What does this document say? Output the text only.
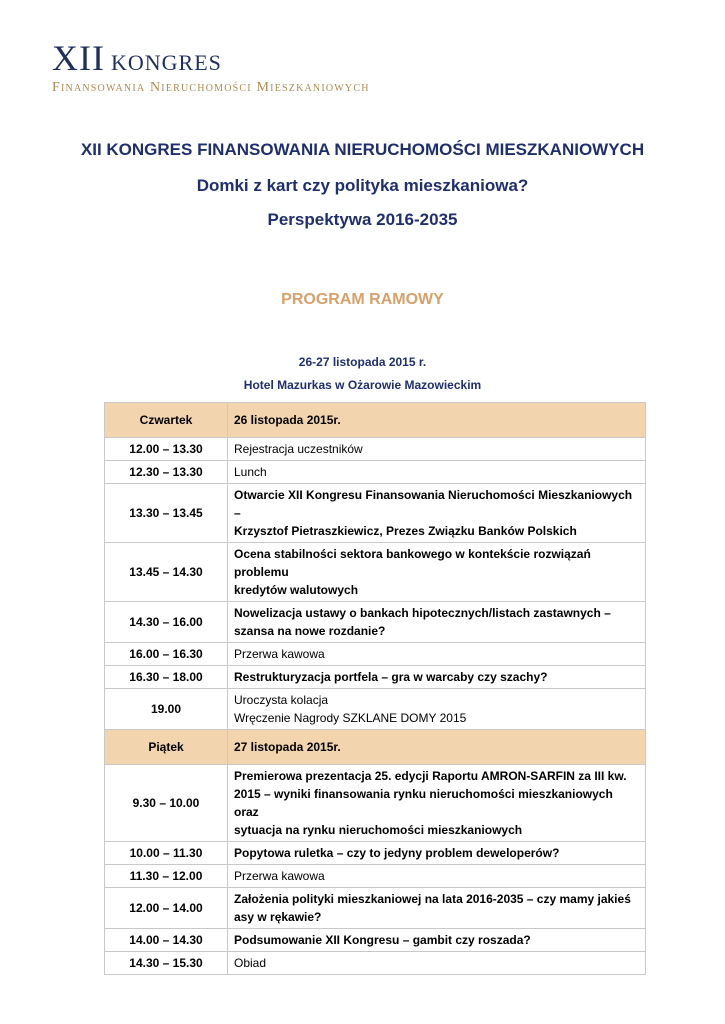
XII KONGRES
Finansowania Nieruchomości Mieszkaniowych
XII KONGRES FINANSOWANIA NIERUCHOMOŚCI MIESZKANIOWYCH
Domki z kart czy polityka mieszkaniowa?
Perspektywa 2016-2035
PROGRAM RAMOWY
26-27 listopada 2015 r.
Hotel Mazurkas w Ożarowie Mazowieckim
Czwartek	26 listopada 2015r.
12.00 – 13.30	Rejestracja uczestników

12.30 – 13.30	Lunch

13.30 – 13.45	Otwarcie XII Kongresu Finansowania Nieruchomości Mieszkaniowych –
Krzysztof Pietraszkiewicz, Prezes Związku Banków Polskich

13.45 – 14.30	Ocena stabilności sektora bankowego w kontekście rozwiązań problemu
kredytów walutowych

14.30 – 16.00	Nowelizacja ustawy o bankach hipotecznych/listach zastawnych –
szansa na nowe rozdanie?

16.00 – 16.30	Przerwa kawowa

16.30 – 18.00	Restrukturyzacja portfela – gra w warcaby czy szachy?

19.00	Uroczysta kolacja
Wręczenie Nagrody SZKLANE DOMY 2015

Piątek	27 listopada 2015r.
9.30 – 10.00	Premierowa prezentacja 25. edycji Raportu AMRON-SARFIN za III kw.
2015 – wyniki finansowania rynku nieruchomości mieszkaniowych oraz
sytuacja na rynku nieruchomości mieszkaniowych

10.00 – 11.30	Popytowa ruletka – czy to jedyny problem deweloperów?

11.30 – 12.00	Przerwa kawowa

12.00 – 14.00	Założenia polityki mieszkaniowej na lata 2016-2035 – czy mamy jakieś
asy w rękawie?

14.00 – 14.30	Podsumowanie XII Kongresu – gambit czy roszada?

14.30 – 15.30	Obiad
